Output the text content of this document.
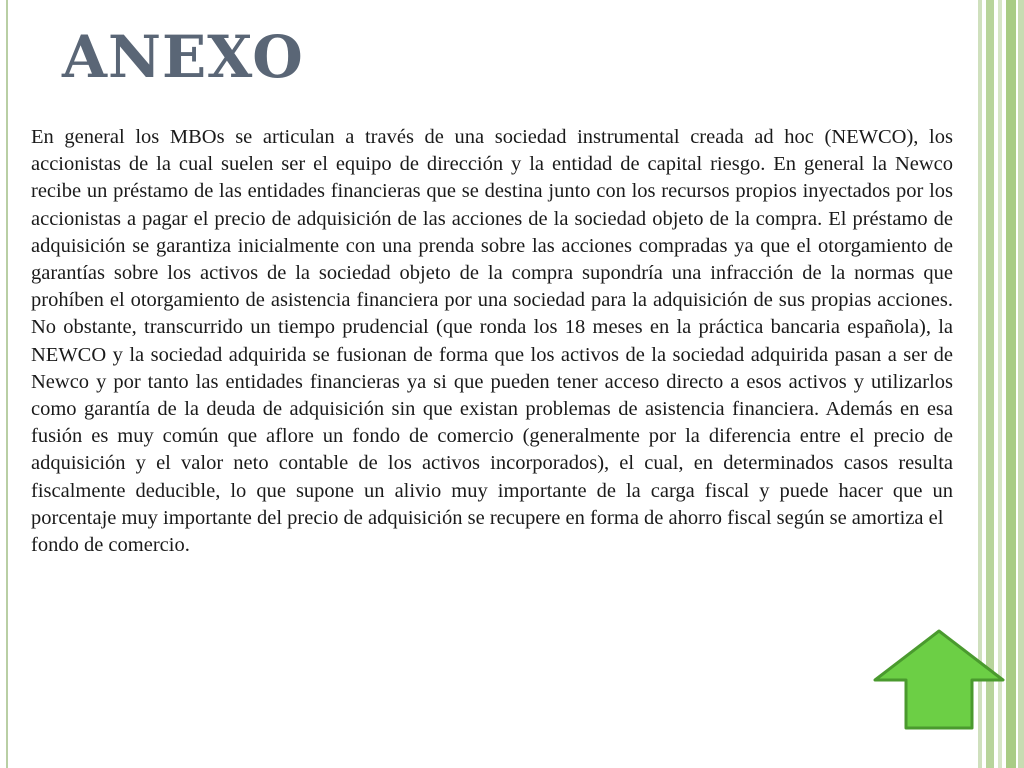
ANEXO

En general los MBOs se articulan a través de una sociedad instrumental creada ad hoc (NEWCO), los accionistas de la cual suelen ser el equipo de dirección y la entidad de capital riesgo. En general la Newco recibe un préstamo de las entidades financieras que se destina junto con los recursos propios inyectados por los accionistas a pagar el precio de adquisición de las acciones de la sociedad objeto de la compra. El préstamo de adquisición se garantiza inicialmente con una prenda sobre las acciones compradas ya que el otorgamiento de garantías sobre los activos de la sociedad objeto de la compra supondría una infracción de la normas que prohíben el otorgamiento de asistencia financiera por una sociedad para la adquisición de sus propias acciones. No obstante, transcurrido un tiempo prudencial (que ronda los 18 meses en la práctica bancaria española), la NEWCO y la sociedad adquirida se fusionan de forma que los activos de la sociedad adquirida pasan a ser de Newco y por tanto las entidades financieras ya si que pueden tener acceso directo a esos activos y utilizarlos como garantía de la deuda de adquisición sin que existan problemas de asistencia financiera. Además en esa fusión es muy común que aflore un fondo de comercio (generalmente por la diferencia entre el precio de adquisición y el valor neto contable de los activos incorporados), el cual, en determinados casos resulta fiscalmente deducible, lo que supone un alivio muy importante de la carga fiscal y puede hacer que un porcentaje muy importante del precio de adquisición se recupere en forma de ahorro fiscal según se amortiza el
fondo de comercio.
